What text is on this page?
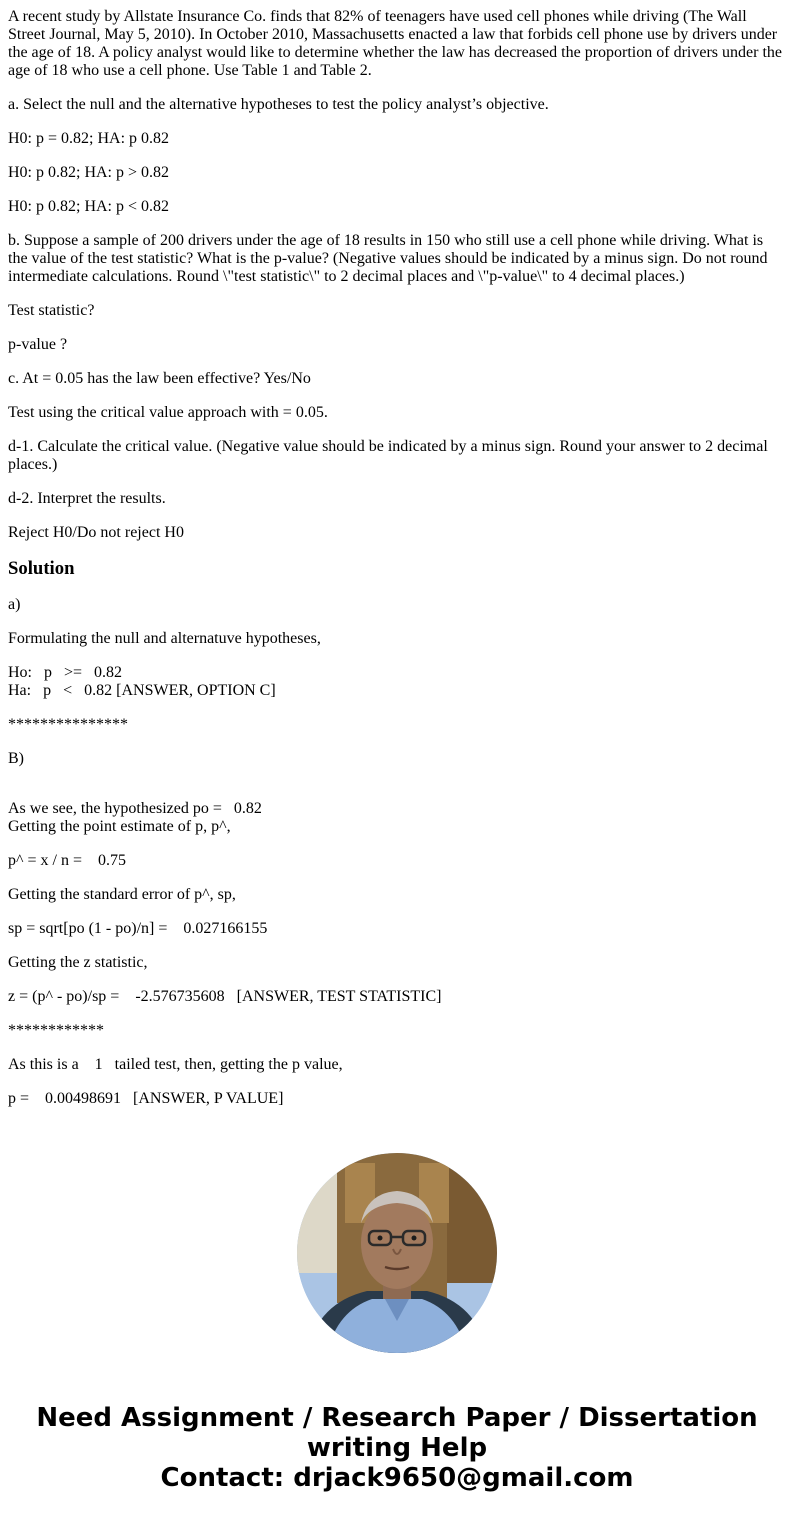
A recent study by Allstate Insurance Co. finds that 82% of teenagers have used cell phones while driving (The Wall Street Journal, May 5, 2010). In October 2010, Massachusetts enacted a law that forbids cell phone use by drivers under the age of 18. A policy analyst would like to determine whether the law has decreased the proportion of drivers under the age of 18 who use a cell phone. Use Table 1 and Table 2.

a. Select the null and the alternative hypotheses to test the policy analyst’s objective.

H0: p = 0.82; HA: p 0.82

H0: p 0.82; HA: p > 0.82

H0: p 0.82; HA: p < 0.82

b. Suppose a sample of 200 drivers under the age of 18 results in 150 who still use a cell phone while driving. What is the value of the test statistic? What is the p-value? (Negative values should be indicated by a minus sign. Do not round intermediate calculations. Round \"test statistic\" to 2 decimal places and \"p-value\" to 4 decimal places.)

Test statistic?

p-value ?

c. At = 0.05 has the law been effective? Yes/No

Test using the critical value approach with = 0.05.

d-1. Calculate the critical value. (Negative value should be indicated by a minus sign. Round your answer to 2 decimal places.)

d-2. Interpret the results.

Reject H0/Do not reject H0

Solution

a)

Formulating the null and alternatuve hypotheses,

Ho:   p   >=   0.82
Ha:   p   <   0.82 [ANSWER, OPTION C]

***************

B)

As we see, the hypothesized po =   0.82
Getting the point estimate of p, p^,

p^ = x / n =    0.75

Getting the standard error of p^, sp,

sp = sqrt[po (1 - po)/n] =    0.027166155

Getting the z statistic,

z = (p^ - po)/sp =    -2.576735608   [ANSWER, TEST STATISTIC]

************

As this is a    1   tailed test, then, getting the p value,

p =    0.00498691   [ANSWER, P VALUE]

Need Assignment / Research Paper / Dissertation
writing Help
Contact: drjack9650@gmail.com
